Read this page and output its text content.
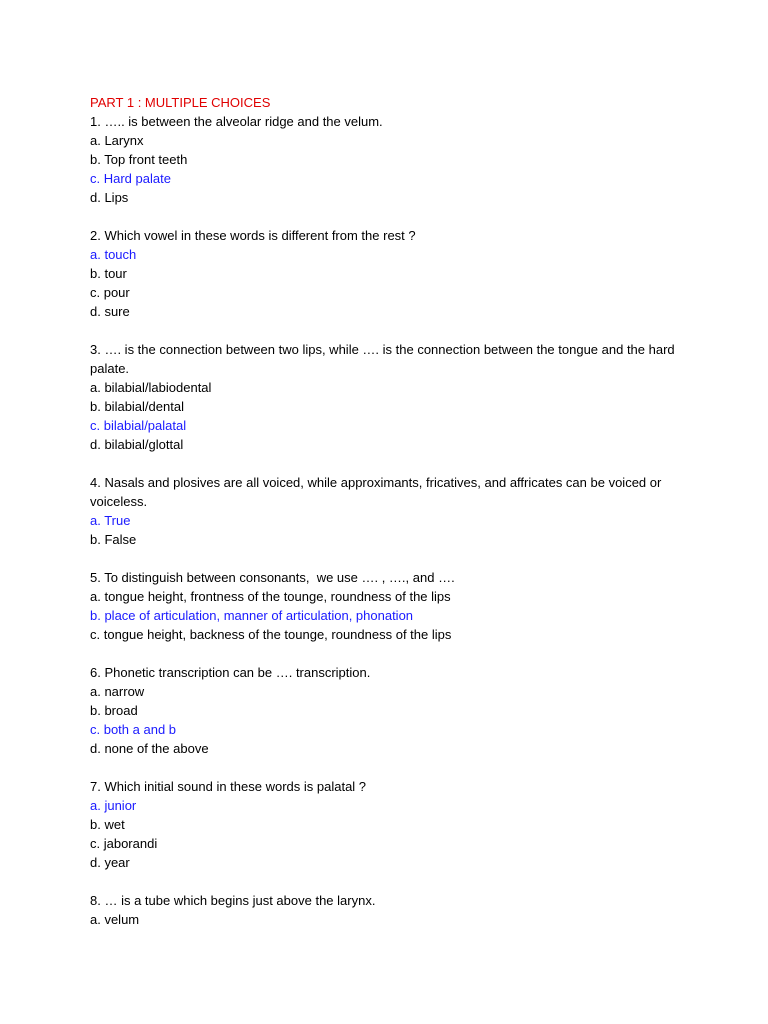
PART 1 : MULTIPLE CHOICES
1. ….. is between the alveolar ridge and the velum.
a. Larynx
b. Top front teeth
c. Hard palate
d. Lips
2. Which vowel in these words is different from the rest ?
a. touch
b. tour
c. pour
d. sure
3. …. is the connection between two lips, while …. is the connection between the tongue and the hard palate.
a. bilabial/labiodental
b. bilabial/dental
c. bilabial/palatal
d. bilabial/glottal
4. Nasals and plosives are all voiced, while approximants, fricatives, and affricates can be voiced or voiceless.
a. True
b. False
5. To distinguish between consonants,  we use …. , …., and ….
a. tongue height, frontness of the tounge, roundness of the lips
b. place of articulation, manner of articulation, phonation
c. tongue height, backness of the tounge, roundness of the lips
6. Phonetic transcription can be …. transcription.
a. narrow
b. broad
c. both a and b
d. none of the above
7. Which initial sound in these words is palatal ?
a. junior
b. wet
c. jaborandi
d. year
8. … is a tube which begins just above the larynx.
a. velum
